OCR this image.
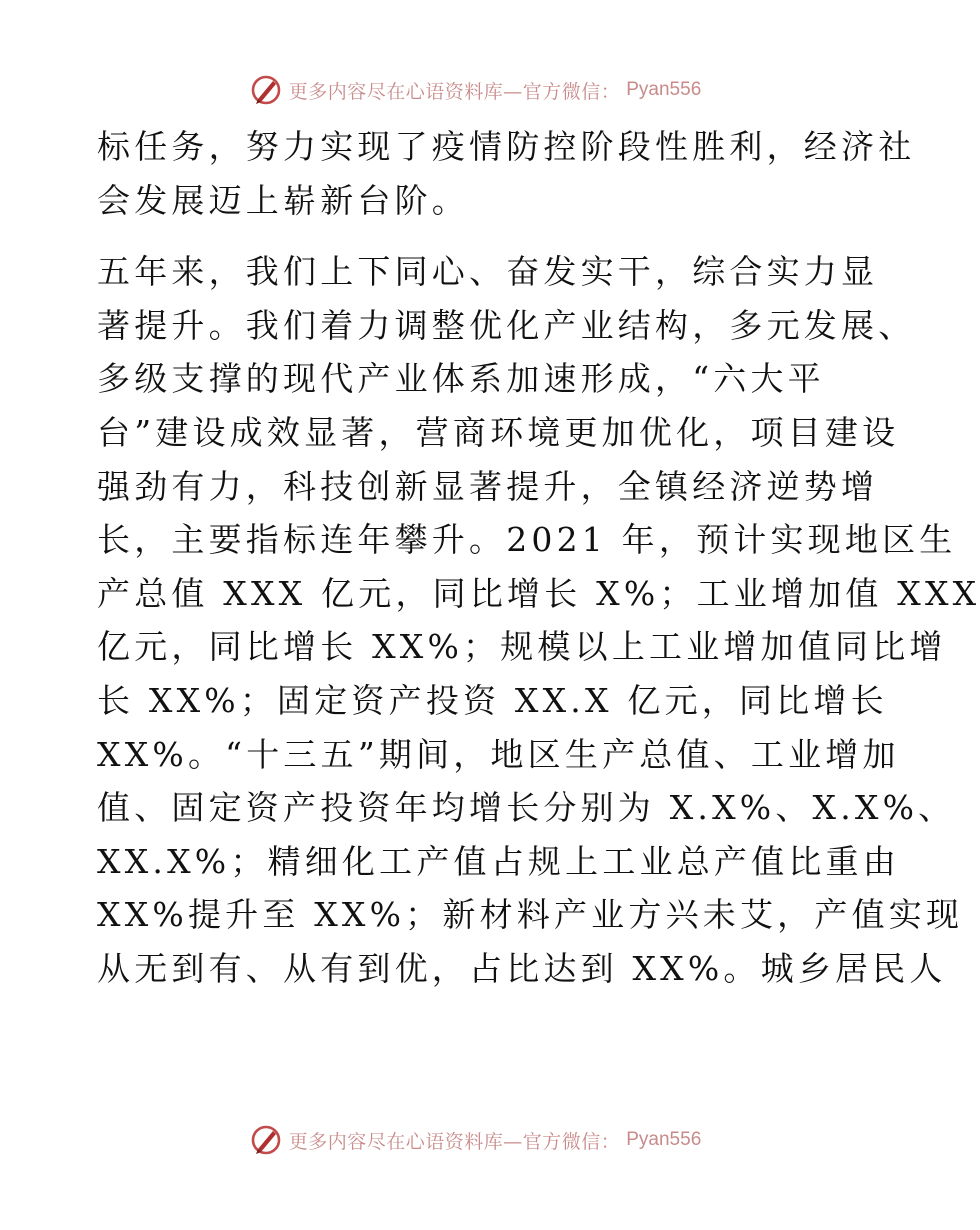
更多内容尽在心语资料库—官方微信： Pyan556
标任务，努力实现了疫情防控阶段性胜利，经济社
会发展迈上崭新台阶。
五年来，我们上下同心、奋发实干，综合实力显
著提升。我们着力调整优化产业结构，多元发展、
多级支撑的现代产业体系加速形成，“六大平
台”建设成效显著，营商环境更加优化，项目建设
强劲有力，科技创新显著提升，全镇经济逆势增
长，主要指标连年攀升。2021 年，预计实现地区生
产总值 XXX 亿元，同比增长 X%；工业增加值 XXX
亿元，同比增长 XX%；规模以上工业增加值同比增
长 XX%；固定资产投资 XX.X 亿元，同比增长
XX%。“十三五”期间，地区生产总值、工业增加
值、固定资产投资年均增长分别为 X.X%、X.X%、
XX.X%；精细化工产值占规上工业总产值比重由
XX%提升至 XX%；新材料产业方兴未艾，产值实现
从无到有、从有到优，占比达到 XX%。城乡居民人
更多内容尽在心语资料库—官方微信： Pyan556
